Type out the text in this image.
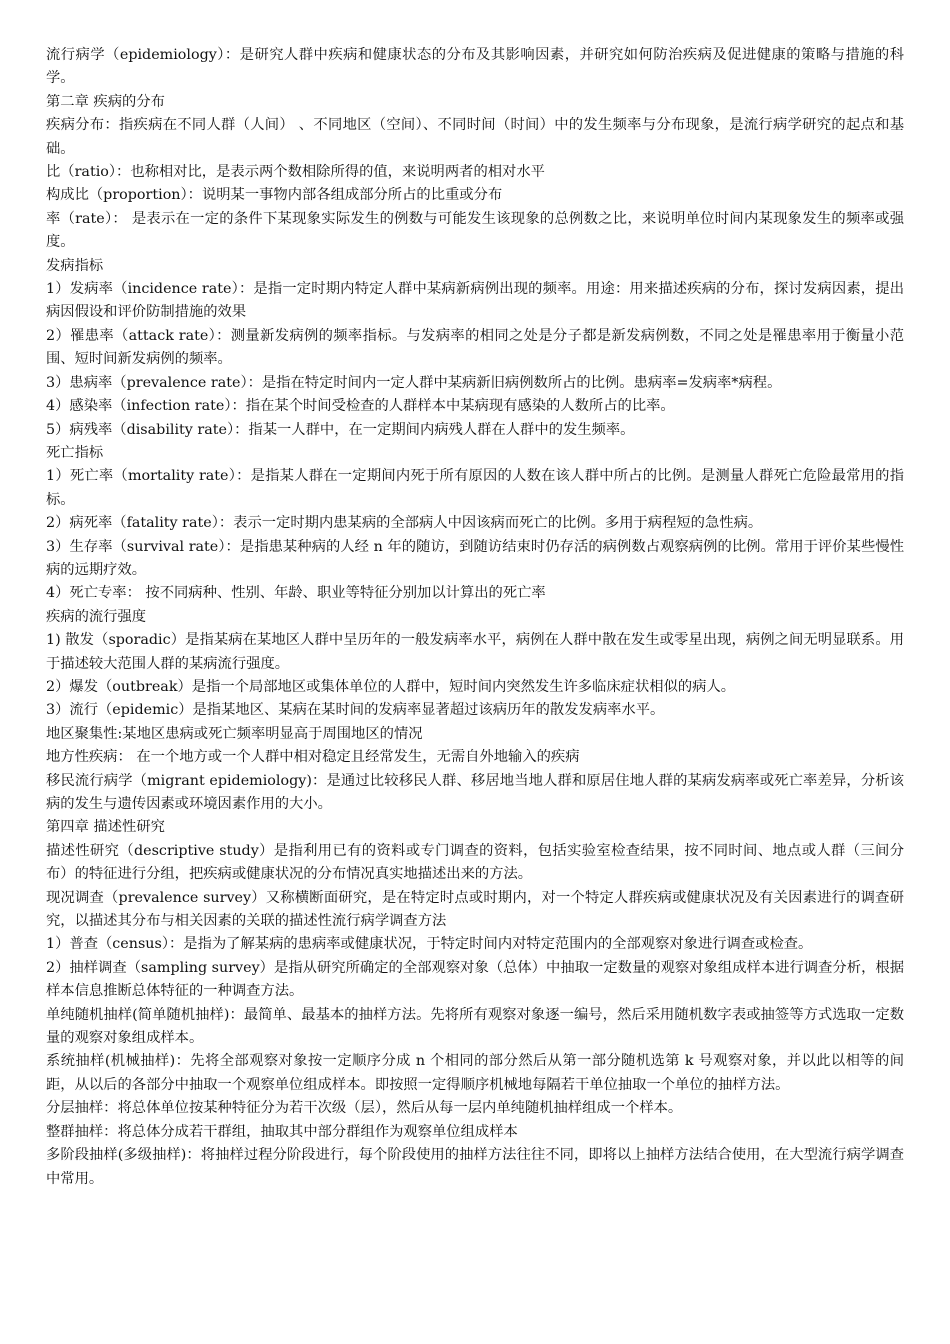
流行病学（epidemiology）：是研究人群中疾病和健康状态的分布及其影响因素，并研究如何防治疾病及促进健康的策略与措施的科学。

第二章 疾病的分布

疾病分布：指疾病在不同人群（人间） 、不同地区（空间）、不同时间（时间）中的发生频率与分布现象，是流行病学研究的起点和基础。

比（ratio）：也称相对比，是表示两个数相除所得的值，来说明两者的相对水平

构成比（proportion）：说明某一事物内部各组成部分所占的比重或分布

率（rate）： 是表示在一定的条件下某现象实际发生的例数与可能发生该现象的总例数之比，来说明单位时间内某现象发生的频率或强度。

发病指标

1）发病率（incidence rate）：是指一定时期内特定人群中某病新病例出现的频率。用途：用来描述疾病的分布，探讨发病因素，提出病因假设和评价防制措施的效果

2）罹患率（attack rate）：测量新发病例的频率指标。与发病率的相同之处是分子都是新发病例数，不同之处是罹患率用于衡量小范围、短时间新发病例的频率。

3）患病率（prevalence rate）：是指在特定时间内一定人群中某病新旧病例数所占的比例。患病率=发病率*病程。

4）感染率（infection rate）：指在某个时间受检查的人群样本中某病现有感染的人数所占的比率。

5）病残率（disability rate）：指某一人群中，在一定期间内病残人群在人群中的发生频率。

死亡指标

1）死亡率（mortality rate）：是指某人群在一定期间内死于所有原因的人数在该人群中所占的比例。是测量人群死亡危险最常用的指标。

2）病死率（fatality rate）：表示一定时期内患某病的全部病人中因该病而死亡的比例。多用于病程短的急性病。

3）生存率（survival rate）：是指患某种病的人经 n 年的随访，到随访结束时仍存活的病例数占观察病例的比例。常用于评价某些慢性病的远期疗效。

4）死亡专率： 按不同病种、性别、年龄、职业等特征分别加以计算出的死亡率

疾病的流行强度

1) 散发（sporadic）是指某病在某地区人群中呈历年的一般发病率水平，病例在人群中散在发生或零星出现，病例之间无明显联系。用于描述较大范围人群的某病流行强度。

2）爆发（outbreak）是指一个局部地区或集体单位的人群中，短时间内突然发生许多临床症状相似的病人。

3）流行（epidemic）是指某地区、某病在某时间的发病率显著超过该病历年的散发发病率水平。

地区聚集性:某地区患病或死亡频率明显高于周围地区的情况

地方性疾病： 在一个地方或一个人群中相对稳定且经常发生，无需自外地输入的疾病

移民流行病学（migrant epidemiology)：是通过比较移民人群、移居地当地人群和原居住地人群的某病发病率或死亡率差异，分析该病的发生与遗传因素或环境因素作用的大小。

第四章 描述性研究

描述性研究（descriptive study）是指利用已有的资料或专门调查的资料，包括实验室检查结果，按不同时间、地点或人群（三间分布）的特征进行分组，把疾病或健康状况的分布情况真实地描述出来的方法。

现况调查（prevalence survey）又称横断面研究，是在特定时点或时期内，对一个特定人群疾病或健康状况及有关因素进行的调查研究，以描述其分布与相关因素的关联的描述性流行病学调查方法

1）普查（census）：是指为了解某病的患病率或健康状况，于特定时间内对特定范围内的全部观察对象进行调查或检查。

2）抽样调查（sampling survey）是指从研究所确定的全部观察对象（总体）中抽取一定数量的观察对象组成样本进行调查分析，根据样本信息推断总体特征的一种调查方法。

单纯随机抽样(简单随机抽样)：最简单、最基本的抽样方法。先将所有观察对象逐一编号，然后采用随机数字表或抽签等方式选取一定数量的观察对象组成样本。

系统抽样(机械抽样)：先将全部观察对象按一定顺序分成 n 个相同的部分然后从第一部分随机选第 k 号观察对象，并以此以相等的间距，从以后的各部分中抽取一个观察单位组成样本。即按照一定得顺序机械地每隔若干单位抽取一个单位的抽样方法。

分层抽样：将总体单位按某种特征分为若干次级（层），然后从每一层内单纯随机抽样组成一个样本。

整群抽样：将总体分成若干群组，抽取其中部分群组作为观察单位组成样本

多阶段抽样(多级抽样)：将抽样过程分阶段进行，每个阶段使用的抽样方法往往不同，即将以上抽样方法结合使用，在大型流行病学调查中常用。
